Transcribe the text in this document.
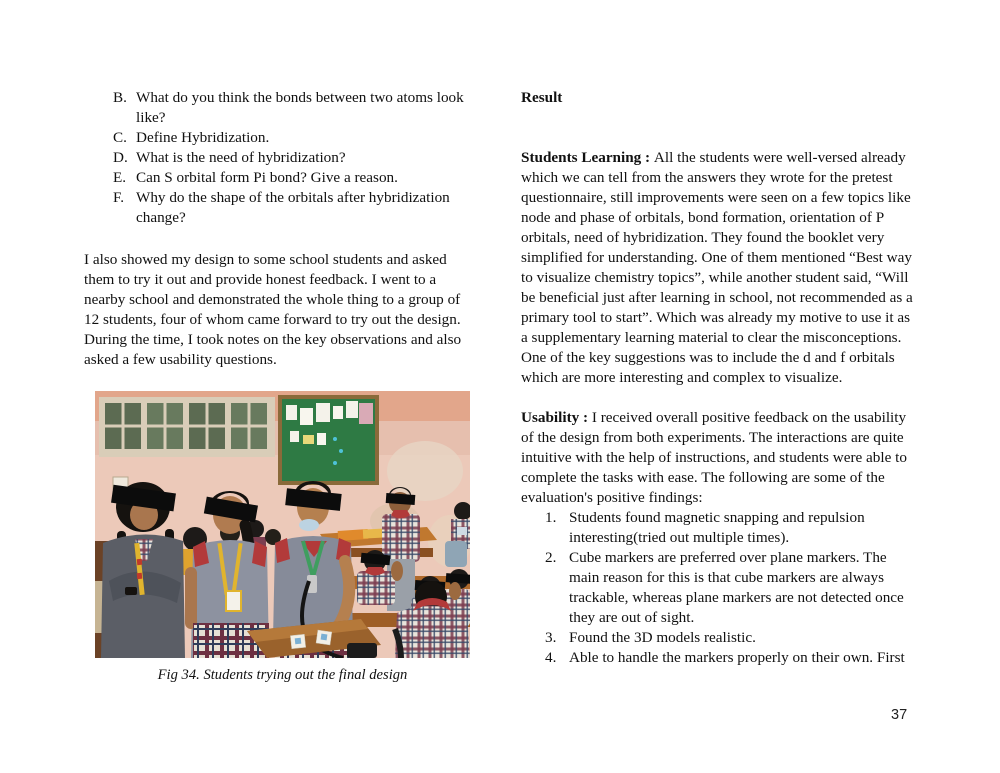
B. What do you think the bonds between two atoms look like?
C. Define Hybridization.
D. What is the need of hybridization?
E. Can S orbital form Pi bond? Give a reason.
F. Why do the shape of the orbitals after hybridization change?

I also showed my design to some school students and asked them to try it out and provide honest feedback. I went to a nearby school and demonstrated the whole thing to a group of 12 students, four of whom came forward to try out the design. During the time, I took notes on the key observations and also asked a few usability questions.

Fig 34. Students trying out the final design

Result

Students Learning : All the students were well-versed already which we can tell from the answers they wrote for the pretest questionnaire, still improvements were seen on a few topics like node and phase of orbitals, bond formation, orientation of P orbitals, need of hybridization. They found the booklet very simplified for understanding. One of them mentioned “Best way to visualize chemistry topics”, while another student said, “Will be beneficial just after learning in school, not recommended as a primary tool to start”. Which was already my motive to use it as a supplementary learning material to clear the misconceptions. One of the key suggestions was to include the d and f orbitals which are more interesting and complex to visualize.

Usability : I received overall positive feedback on the usability of the design from both experiments. The interactions are quite intuitive with the help of instructions, and students were able to complete the tasks with ease. The following are some of the evaluation's positive findings:

1. Students found magnetic snapping and repulsion interesting(tried out multiple times).
2. Cube markers are preferred over plane markers. The main reason for this is that cube markers are always trackable, whereas plane markers are not detected once they are out of sight.
3. Found the 3D models realistic.
4. Able to handle the markers properly on their own. First
37
